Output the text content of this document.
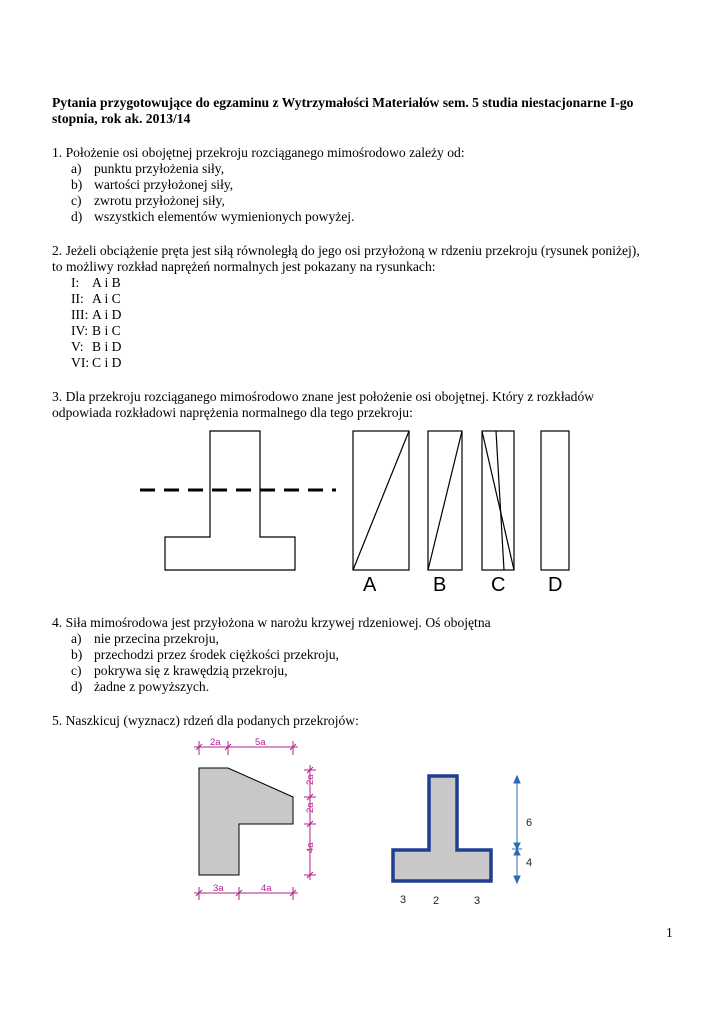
Pytania przygotowujące do egzaminu z Wytrzymałości Materiałów sem. 5 studia niestacjonarne I-go
stopnia, rok ak. 2013/14
1. Położenie osi obojętnej przekroju rozciąganego mimośrodowo zależy od:
a) punktu przyłożenia siły,
b) wartości przyłożonej siły,
c) zwrotu przyłożonej siły,
d) wszystkich elementów wymienionych powyżej.
2. Jeżeli obciążenie pręta jest siłą równoległą do jego osi przyłożoną w rdzeniu przekroju (rysunek poniżej),
to możliwy rozkład naprężeń normalnych jest pokazany na rysunkach:
I: A i B
II: A i C
III: A i D
IV: B i C
V: B i D
VI: C i D
3. Dla przekroju rozciąganego mimośrodowo znane jest położenie osi obojętnej. Który z rozkładów
odpowiada rozkładowi naprężenia normalnego dla tego przekroju:
A	B C D
4. Siła mimośrodowa jest przyłożona w narożu krzywej rdzeniowej. Oś obojętna
a) nie przecina przekroju,
b) przechodzi przez środek ciężkości przekroju,
c) pokrywa się z krawędzią przekroju,
d) żadne z powyższych.
5. Naszkicuj (wyznacz) rdzeń dla podanych przekrojów:
2a	5a
3a	4a
2a
2a
4a
6
4
3 2	3
1
